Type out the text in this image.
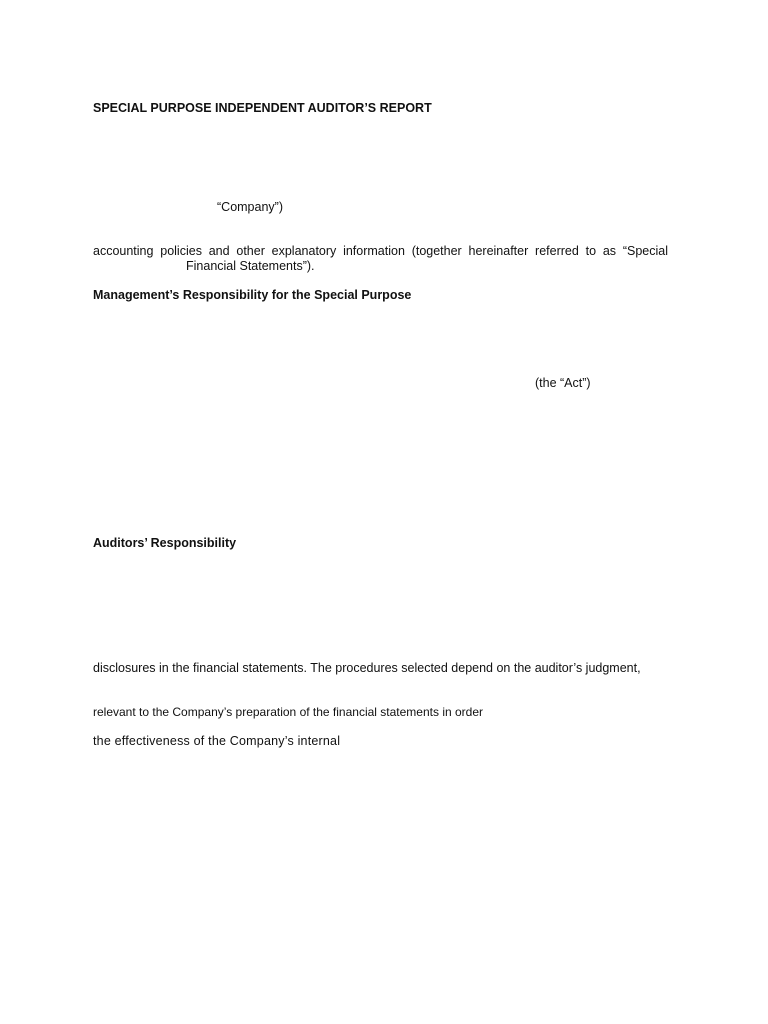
SPECIAL PURPOSE INDEPENDENT AUDITOR’S REPORT
“Company”)
accounting policies and other explanatory information (together hereinafter referred to as “Special
Financial Statements”).
Management’s Responsibility for the Special Purpose
(the “Act”)
Auditors’ Responsibility
disclosures in the financial statements. The procedures selected depend on the auditor’s judgment,
relevant to the Company’s preparation of the financial statements in order
the effectiveness of the Company’s internal
